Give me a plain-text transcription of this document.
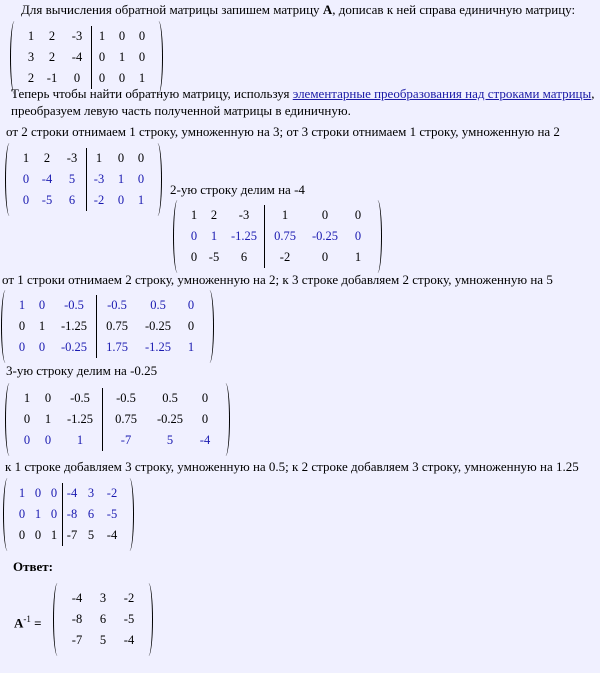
Для вычисления обратной матрицы запишем матрицу A, дописав к ней справа единичную матрицу:
1	2	-3	1	0	0
3	2	-4	0	1	0
2	-1	0	0	0	1
Теперь чтобы найти обратную матрицу, используя элементарные преобразования над строками матрицы,
преобразуем левую часть полученной матрицы в единичную.
от 2 строки отнимаем 1 строку, умноженную на 3; от 3 строки отнимаем 1 строку, умноженную на 2
1	2	-3	1	0	0
0	-4	5	-3	1	0
0	-5	6	-2	0	1
2-ую строку делим на -4
1	2	-3	1	0	0
0	1	-1.25	0.75	-0.25	0
0	-5	6	-2	0	1
от 1 строки отнимаем 2 строку, умноженную на 2; к 3 строке добавляем 2 строку, умноженную на 5
1	0	-0.5	-0.5	0.5	0
0	1	-1.25	0.75	-0.25	0
0	0	-0.25	1.75	-1.25	1
3-ую строку делим на -0.25
1	0	-0.5	-0.5	0.5	0
0	1	-1.25	0.75	-0.25	0
0	0	1	-7	5	-4
к 1 строке добавляем 3 строку, умноженную на 0.5; к 2 строке добавляем 3 строку, умноженную на 1.25
1	0	0	-4	3	-2
0	1	0	-8	6	-5
0	0	1	-7	5	-4
Ответ:
$A^{-1}$ =
-4	3	-2
-8	6	-5
-7	5	-4
